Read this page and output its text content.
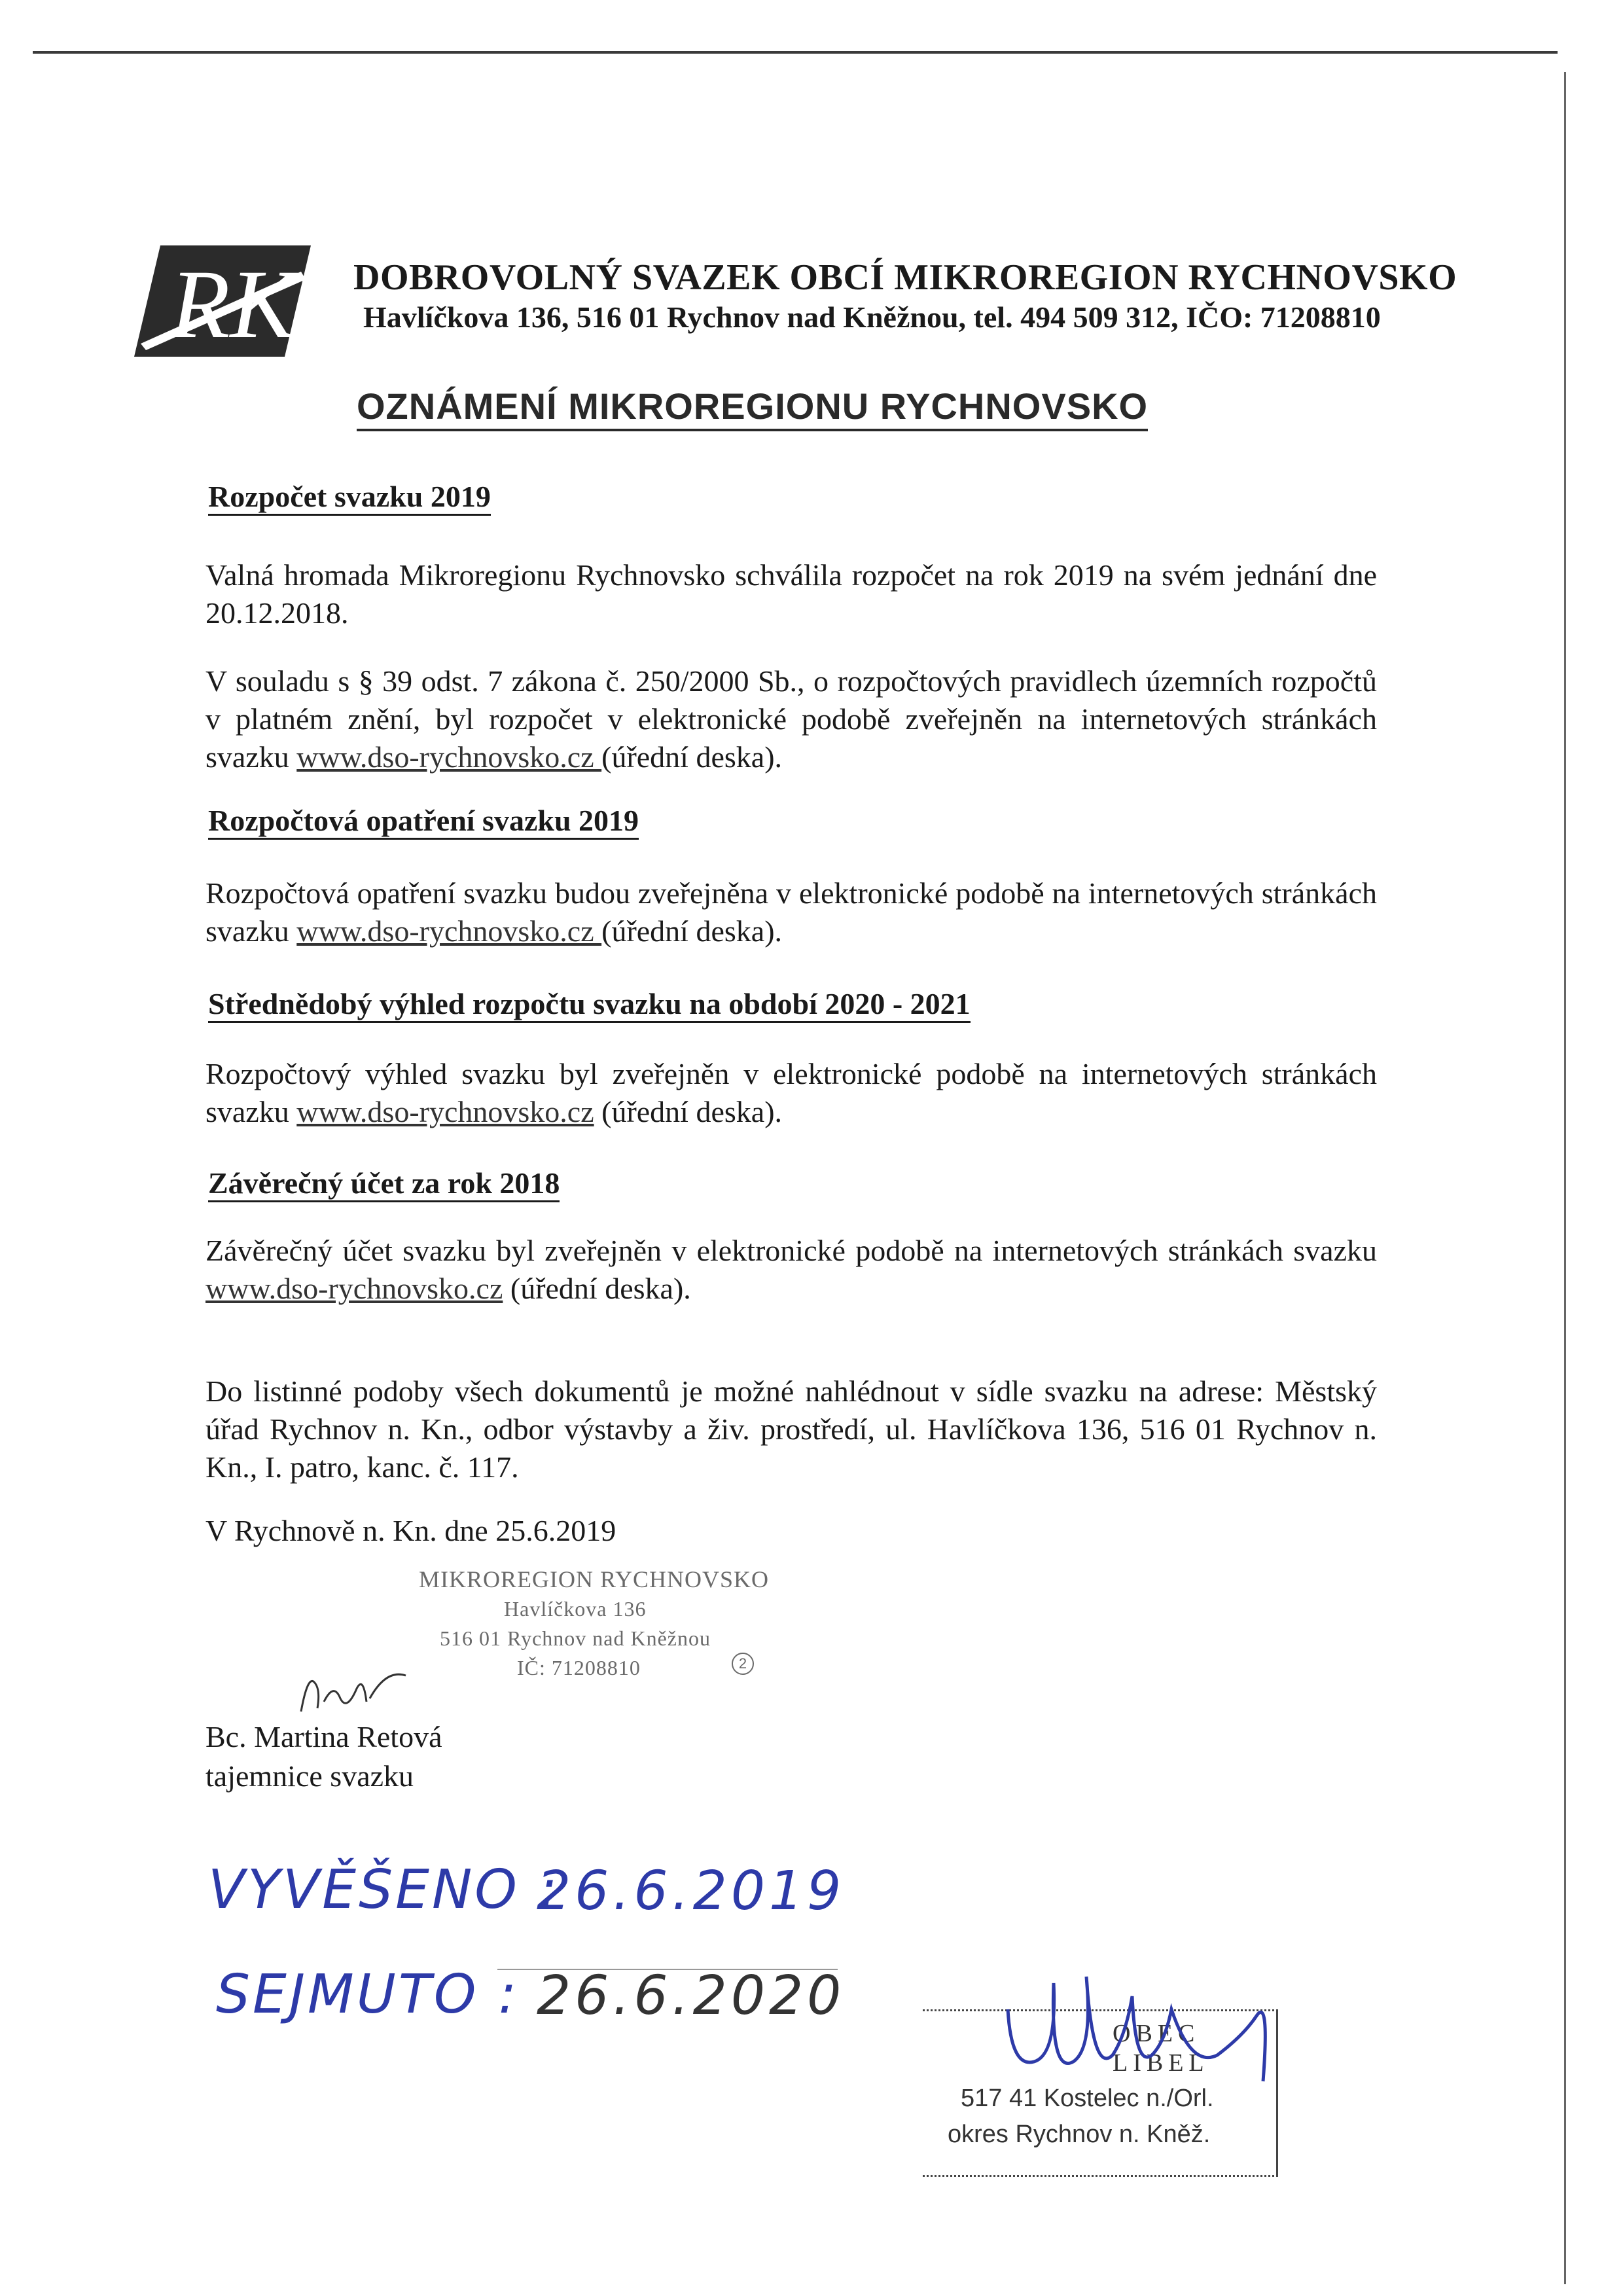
RK DOBROVOLNÝ SVAZEK OBCÍ MIKROREGION RYCHNOVSKO
Havlíčkova 136, 516 01 Rychnov nad Kněžnou, tel. 494 509 312, IČO: 71208810
OZNÁMENÍ MIKROREGIONU RYCHNOVSKO
Rozpočet svazku 2019
Valná hromada Mikroregionu Rychnovsko schválila rozpočet na rok 2019 na svém jednání dne 20.12.2018.
V souladu s § 39 odst. 7 zákona č. 250/2000 Sb., o rozpočtových pravidlech územních rozpočtů v platném znění, byl rozpočet v elektronické podobě zveřejněn na internetových stránkách svazku www.dso-rychnovsko.cz (úřední deska).
Rozpočtová opatření svazku 2019
Rozpočtová opatření svazku budou zveřejněna v elektronické podobě na internetových stránkách svazku www.dso-rychnovsko.cz (úřední deska).
Střednědobý výhled rozpočtu svazku na období 2020 - 2021
Rozpočtový výhled svazku byl zveřejněn v elektronické podobě na internetových stránkách svazku www.dso-rychnovsko.cz (úřední deska).
Závěrečný účet za rok 2018
Závěrečný účet svazku byl zveřejněn v elektronické podobě na internetových stránkách svazku www.dso-rychnovsko.cz (úřední deska).
Do listinné podoby všech dokumentů je možné nahlédnout v sídle svazku na adrese: Městský úřad Rychnov n. Kn., odbor výstavby a živ. prostředí, ul. Havlíčkova 136, 516 01 Rychnov n. Kn., I. patro, kanc. č. 117.
V Rychnově n. Kn. dne 25.6.2019
MIKROREGION RYCHNOVSKO
Havlíčkova 136
516 01 Rychnov nad Kněžnou
IČ: 71208810	2
Bc. Martina Retová
tajemnice svazku
VYVĚŠENO :
26.6.2019
SEJMUTO : 26.6.2020
OBEC
LIBEL
517 41 Kostelec n./Orl.
okres Rychnov n. Kněž.
